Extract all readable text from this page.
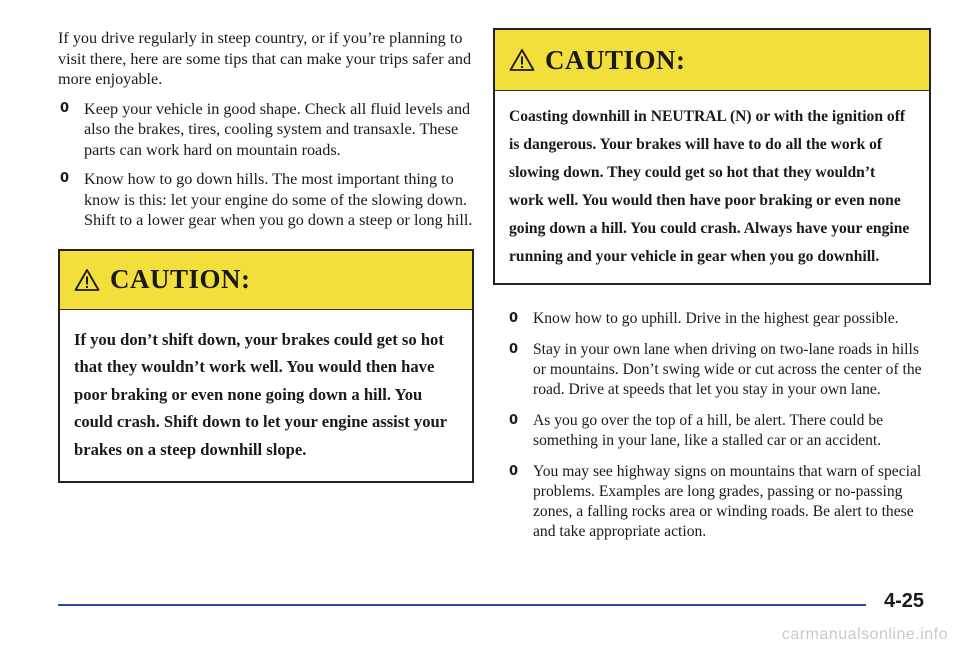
If you drive regularly in steep country, or if you’re planning to visit there, here are some tips that can make your trips safer and more enjoyable.

0 Keep your vehicle in good shape. Check all fluid levels and also the brakes, tires, cooling system and transaxle. These parts can work hard on mountain roads.
0 Know how to go down hills. The most important thing to know is this: let your engine do some of the slowing down. Shift to a lower gear when you go down a steep or long hill.
CAUTION:

If you don’t shift down, your brakes could get so hot that they wouldn’t work well. You would then have poor braking or even none going down a hill. You could crash. Shift down to let your engine assist your brakes on a steep downhill slope.

CAUTION:

Coasting downhill in NEUTRAL (N) or with the ignition off is dangerous. Your brakes will have to do all the work of slowing down. They could get so hot that they wouldn’t work well. You would then have poor braking or even none going down a hill. You could crash. Always have your engine running and your vehicle in gear when you go downhill.

0 Know how to go uphill. Drive in the highest gear possible.
0 Stay in your own lane when driving on two-lane roads in hills or mountains. Don’t swing wide or cut across the center of the road. Drive at speeds that let you stay in your own lane.
0 As you go over the top of a hill, be alert. There could be something in your lane, like a stalled car or an accident.
0 You may see highway signs on mountains that warn of special problems. Examples are long grades, passing or no-passing zones, a falling rocks area or winding roads. Be alert to these and take appropriate action.
4-25
carmanualsonline.info
